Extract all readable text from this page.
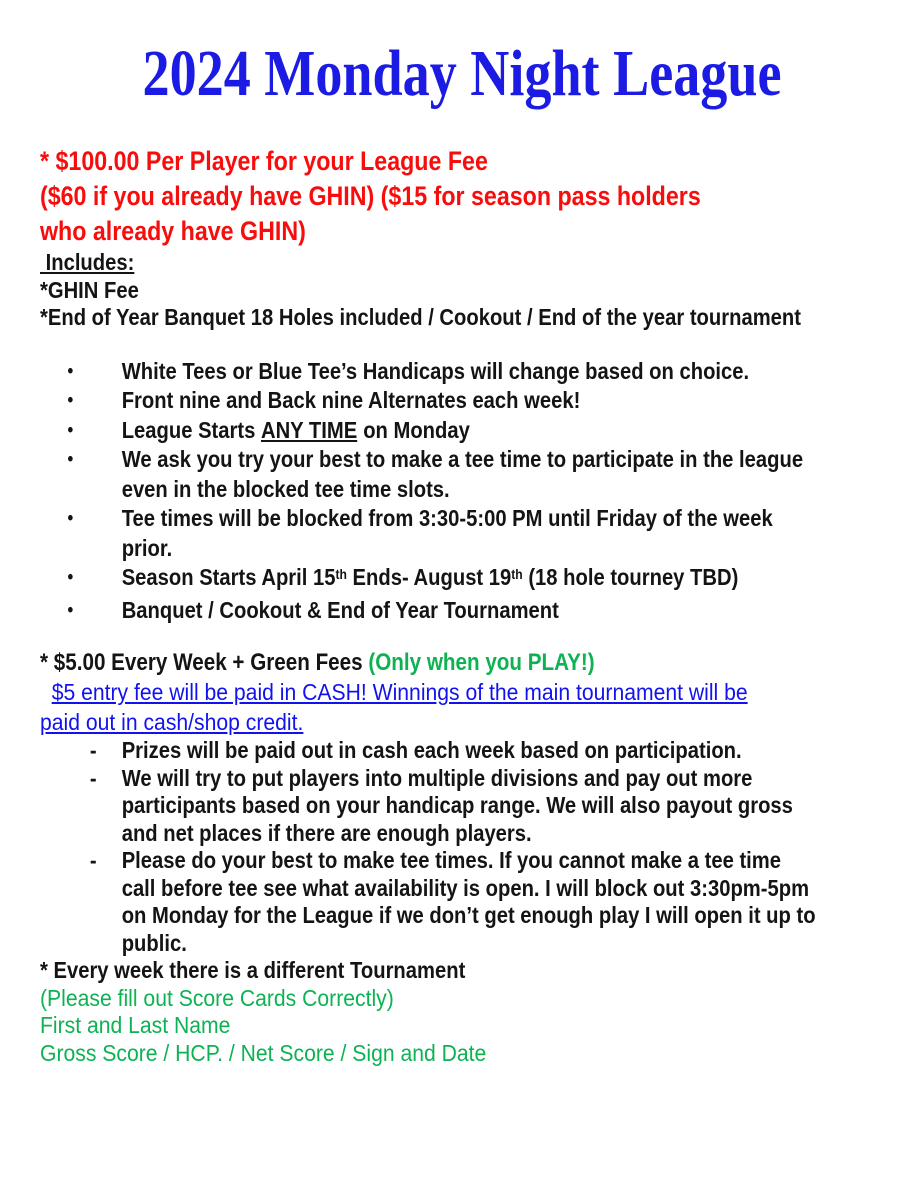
2024 Monday Night League
* $100.00 Per Player for your League Fee
($60 if you already have GHIN) ($15 for season pass holders
who already have GHIN)
Includes:
*GHIN Fee
*End of Year Banquet 18 Holes included / Cookout / End of the year tournament
•	White Tees or Blue Tee’s Handicaps will change based on choice.
•	Front nine and Back nine Alternates each week!
•	League Starts ANY TIME on Monday
•	We ask you try your best to make a tee time to participate in the league
even in the blocked tee time slots.
•	Tee times will be blocked from 3:30-5:00 PM until Friday of the week
prior.
•	Season Starts April 15th Ends- August 19th (18 hole tourney TBD)
•	Banquet / Cookout & End of Year Tournament
* $5.00 Every Week + Green Fees (Only when you PLAY!)
$5 entry fee will be paid in CASH! Winnings of the main tournament will be
paid out in cash/shop credit.
-	Prizes will be paid out in cash each week based on participation.
-	We will try to put players into multiple divisions and pay out more
participants based on your handicap range. We will also payout gross
and net places if there are enough players.
-	Please do your best to make tee times. If you cannot make a tee time
call before tee see what availability is open. I will block out 3:30pm-5pm
on Monday for the League if we don’t get enough play I will open it up to
public.
* Every week there is a different Tournament
(Please fill out Score Cards Correctly)
First and Last Name
Gross Score / HCP. / Net Score / Sign and Date
